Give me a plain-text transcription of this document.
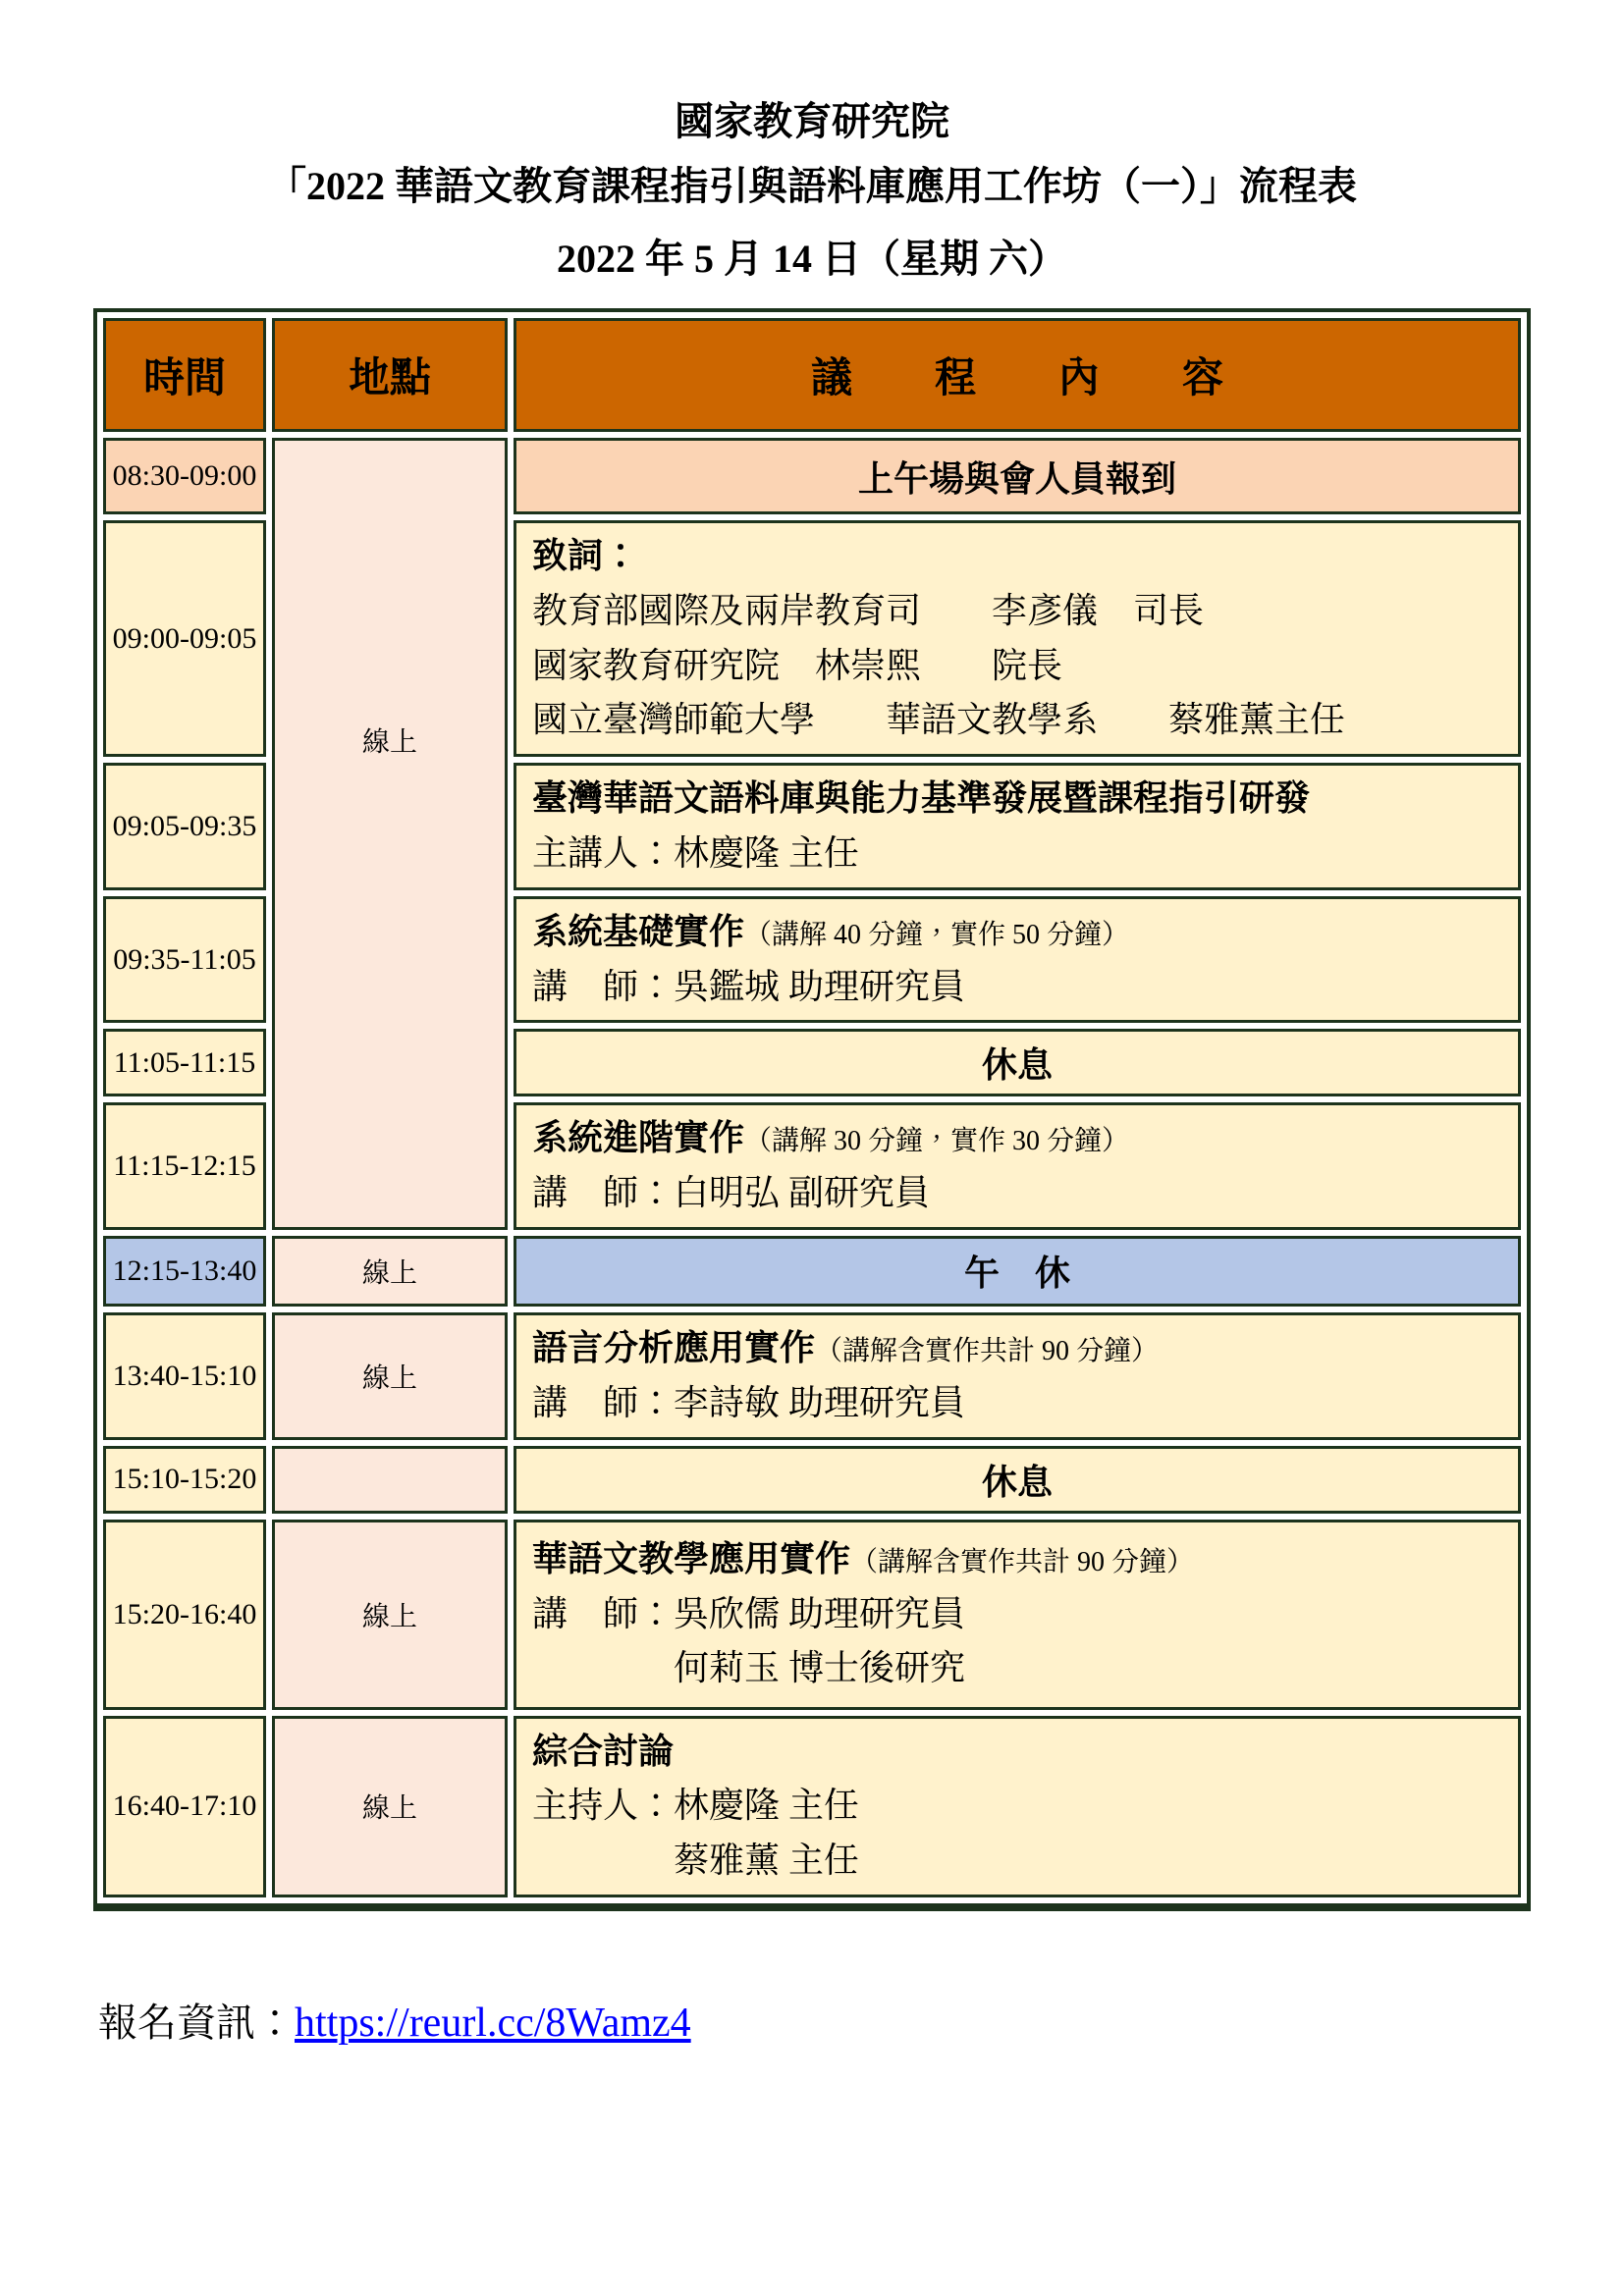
國家教育研究院
「2022 華語文教育課程指引與語料庫應用工作坊（一）」流程表
2022 年 5 月 14 日（星期 六）
時間	地點	議　　程　　內　　容
08:30-09:00	線上	上午場與會人員報到
09:00-09:05		致詞：
教育部國際及兩岸教育司　　李彥儀　司長
國家教育研究院　林崇熙　　院長
國立臺灣師範大學　　華語文教學系　　蔡雅薰主任

09:05-09:35		臺灣華語文語料庫與能力基準發展暨課程指引研發
主講人：林慶隆 主任

09:35-11:05		系統基礎實作（講解 40 分鐘，實作 50 分鐘）
講　師：吳鑑城 助理研究員

11:05-11:15		休息
11:15-12:15		系統進階實作（講解 30 分鐘，實作 30 分鐘）
講　師：白明弘 副研究員

12:15-13:40	線上	午　休
13:40-15:10	線上	語言分析應用實作（講解含實作共計 90 分鐘）
講　師：李詩敏 助理研究員

15:10-15:20		休息
15:20-16:40	線上	華語文教學應用實作（講解含實作共計 90 分鐘）
講　師：吳欣儒 助理研究員
　　　　何莉玉 博士後研究

16:40-17:10	線上	綜合討論
主持人：林慶隆 主任
　　　　蔡雅薰 主任
報名資訊：https://reurl.cc/8Wamz4
